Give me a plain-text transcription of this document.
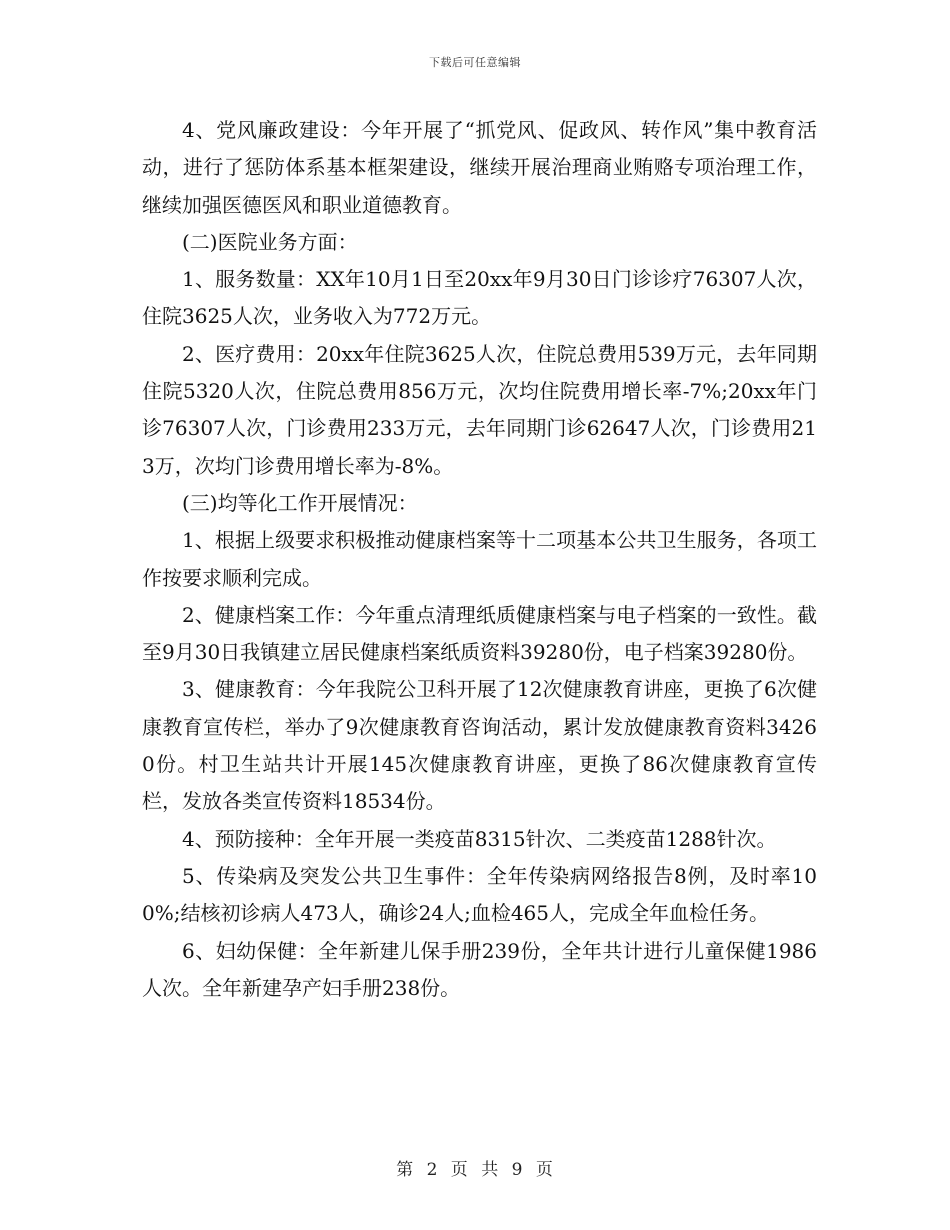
下载后可任意编辑

4、党风廉政建设：今年开展了“抓党风、促政风、转作风”集中教育活动，进行了惩防体系基本框架建设，继续开展治理商业贿赂专项治理工作，继续加强医德医风和职业道德教育。

(二)医院业务方面：

1、服务数量：XX年10月1日至20xx年9月30日门诊诊疗76307人次，住院3625人次，业务收入为772万元。

2、医疗费用：20xx年住院3625人次，住院总费用539万元，去年同期住院5320人次，住院总费用856万元，次均住院费用增长率-7%;20xx年门诊76307人次，门诊费用233万元，去年同期门诊62647人次，门诊费用213万，次均门诊费用增长率为-8%。

(三)均等化工作开展情况：

1、根据上级要求积极推动健康档案等十二项基本公共卫生服务，各项工作按要求顺利完成。

2、健康档案工作：今年重点清理纸质健康档案与电子档案的一致性。截至9月30日我镇建立居民健康档案纸质资料39280份，电子档案39280份。

3、健康教育：今年我院公卫科开展了12次健康教育讲座，更换了6次健康教育宣传栏，举办了9次健康教育咨询活动，累计发放健康教育资料34260份。村卫生站共计开展145次健康教育讲座，更换了86次健康教育宣传栏，发放各类宣传资料18534份。

4、预防接种：全年开展一类疫苗8315针次、二类疫苗1288针次。

5、传染病及突发公共卫生事件：全年传染病网络报告8例，及时率100%;结核初诊病人473人，确诊24人;血检465人，完成全年血检任务。

6、妇幼保健：全年新建儿保手册239份，全年共计进行儿童保健1986人次。全年新建孕产妇手册238份。

第 2 页 共 9 页
